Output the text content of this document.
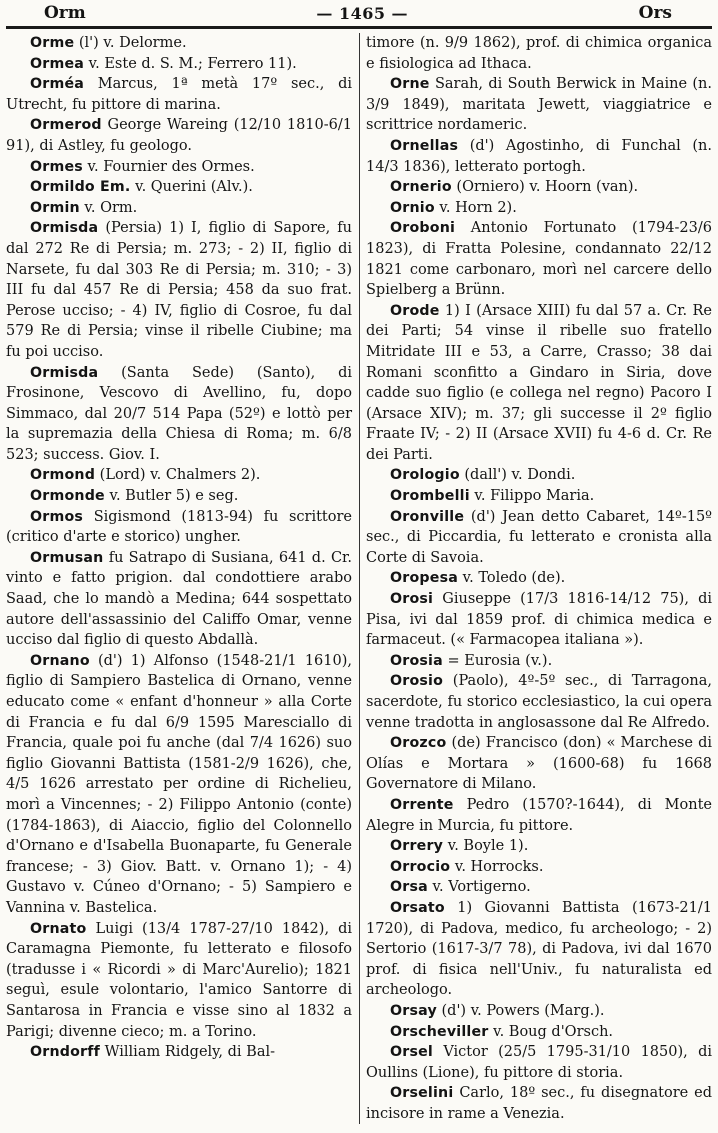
Orm	— 1465 —	Ors

Orme (l') v. Delorme.

Ormea v. Este d. S. M.; Ferrero 11).

Orméa Marcus, 1ª metà 17º sec., di Utrecht, fu pittore di marina.

Ormerod George Wareing (12/10 1810-6/1 91), di Astley, fu geologo.

Ormes v. Fournier des Ormes.

Ormildo Em. v. Querini (Alv.).

Ormin v. Orm.

Ormisda (Persia) 1) I, figlio di Sapore, fu dal 272 Re di Persia; m. 273; - 2) II, figlio di Narsete, fu dal 303 Re di Persia; m. 310; - 3) III fu dal 457 Re di Persia; 458 da suo frat. Perose ucciso; - 4) IV, figlio di Cosroe, fu dal 579 Re di Persia; vinse il ribelle Ciubine; ma fu poi ucciso.

Ormisda (Santa Sede) (Santo), di Frosinone, Vescovo di Avellino, fu, dopo Simmaco, dal 20/7 514 Papa (52º) e lottò per la supremazia della Chiesa di Roma; m. 6/8 523; success. Giov. I.

Ormond (Lord) v. Chalmers 2).

Ormonde v. Butler 5) e seg.

Ormos Sigismond (1813-94) fu scrittore (critico d'arte e storico) ungher.

Ormusan fu Satrapo di Susiana, 641 d. Cr. vinto e fatto prigion. dal condottiere arabo Saad, che lo mandò a Medina; 644 sospettato autore dell'assassinio del Califfo Omar, venne ucciso dal figlio di questo Abdallà.

Ornano (d') 1) Alfonso (1548-21/1 1610), figlio di Sampiero Bastelica di Ornano, venne educato come « enfant d'honneur » alla Corte di Francia e fu dal 6/9 1595 Maresciallo di Francia, quale poi fu anche (dal 7/4 1626) suo figlio Giovanni Battista (1581-2/9 1626), che, 4/5 1626 arrestato per ordine di Richelieu, morì a Vincennes; - 2) Filippo Antonio (conte) (1784-1863), di Aiaccio, figlio del Colonnello d'Ornano e d'Isabella Buonaparte, fu Generale francese; - 3) Giov. Batt. v. Ornano 1); - 4) Gustavo v. Cúneo d'Ornano; - 5) Sampiero e Vannina v. Bastelica.

Ornato Luigi (13/4 1787-27/10 1842), di Caramagna Piemonte, fu letterato e filosofo (tradusse i « Ricordi » di Marc'Aurelio); 1821 seguì, esule volontario, l'amico Santorre di Santarosa in Francia e visse sino al 1832 a Parigi; divenne cieco; m. a Torino.

Orndorff William Ridgely, di Bal-

timore (n. 9/9 1862), prof. di chimica organica e fisiologica ad Ithaca.

Orne Sarah, di South Berwick in Maine (n. 3/9 1849), maritata Jewett, viaggiatrice e scrittrice nordameric.

Ornellas (d') Agostinho, di Funchal (n. 14/3 1836), letterato portogh.

Ornerio (Orniero) v. Hoorn (van).

Ornio v. Horn 2).

Oroboni Antonio Fortunato (1794-23/6 1823), di Fratta Polesine, condannato 22/12 1821 come carbonaro, morì nel carcere dello Spielberg a Brünn.

Orode 1) I (Arsace XIII) fu dal 57 a. Cr. Re dei Parti; 54 vinse il ribelle suo fratello Mitridate III e 53, a Carre, Crasso; 38 dai Romani sconfitto a Gindaro in Siria, dove cadde suo figlio (e collega nel regno) Pacoro I (Arsace XIV); m. 37; gli successe il 2º figlio Fraate IV; - 2) II (Arsace XVII) fu 4-6 d. Cr. Re dei Parti.

Orologio (dall') v. Dondi.

Orombelli v. Filippo Maria.

Oronville (d') Jean detto Cabaret, 14º-15º sec., di Piccardia, fu letterato e cronista alla Corte di Savoia.

Oropesa v. Toledo (de).

Orosi Giuseppe (17/3 1816-14/12 75), di Pisa, ivi dal 1859 prof. di chimica medica e farmaceut. (« Farmacopea italiana »).

Orosia = Eurosia (v.).

Orosio (Paolo), 4º-5º sec., di Tarragona, sacerdote, fu storico ecclesiastico, la cui opera venne tradotta in anglosassone dal Re Alfredo.

Orozco (de) Francisco (don) « Marchese di Olías e Mortara » (1600-68) fu 1668 Governatore di Milano.

Orrente Pedro (1570?-1644), di Monte Alegre in Murcia, fu pittore.

Orrery v. Boyle 1).

Orrocio v. Horrocks.

Orsa v. Vortigerno.

Orsato 1) Giovanni Battista (1673-21/1 1720), di Padova, medico, fu archeologo; - 2) Sertorio (1617-3/7 78), di Padova, ivi dal 1670 prof. di fisica nell'Univ., fu naturalista ed archeologo.

Orsay (d') v. Powers (Marg.).

Orscheviller v. Boug d'Orsch.

Orsel Victor (25/5 1795-31/10 1850), di Oullins (Lione), fu pittore di storia.

Orselini Carlo, 18º sec., fu disegnatore ed incisore in rame a Venezia.
